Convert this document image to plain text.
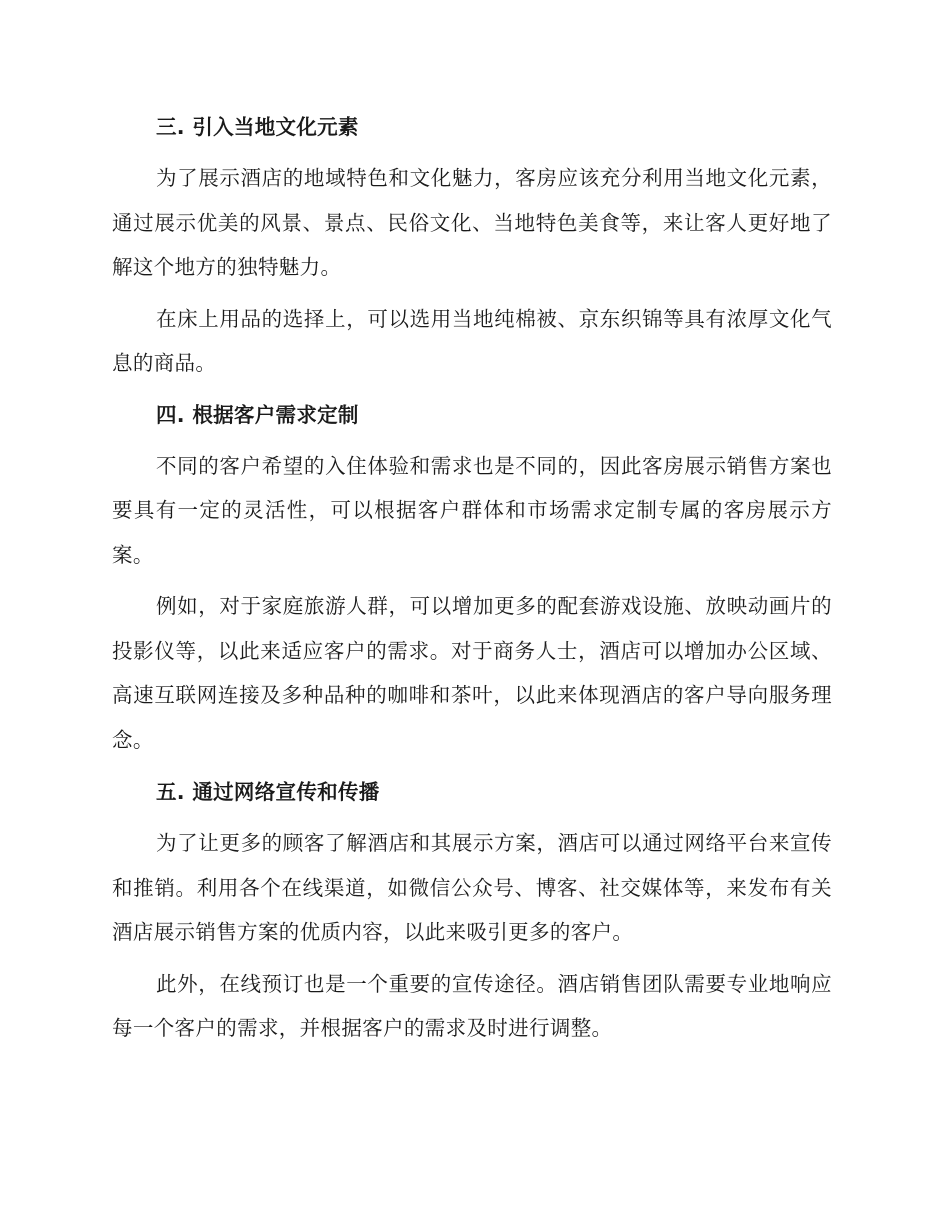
三. 引入当地文化元素

为了展示酒店的地域特色和文化魅力，客房应该充分利用当地文化元素，通过展示优美的风景、景点、民俗文化、当地特色美食等，来让客人更好地了解这个地方的独特魅力。

在床上用品的选择上，可以选用当地纯棉被、京东织锦等具有浓厚文化气息的商品。

四. 根据客户需求定制

不同的客户希望的入住体验和需求也是不同的，因此客房展示销售方案也要具有一定的灵活性，可以根据客户群体和市场需求定制专属的客房展示方案。

例如，对于家庭旅游人群，可以增加更多的配套游戏设施、放映动画片的投影仪等，以此来适应客户的需求。对于商务人士，酒店可以增加办公区域、高速互联网连接及多种品种的咖啡和茶叶，以此来体现酒店的客户导向服务理念。

五. 通过网络宣传和传播

为了让更多的顾客了解酒店和其展示方案，酒店可以通过网络平台来宣传和推销。利用各个在线渠道，如微信公众号、博客、社交媒体等，来发布有关酒店展示销售方案的优质内容，以此来吸引更多的客户。

此外，在线预订也是一个重要的宣传途径。酒店销售团队需要专业地响应每一个客户的需求，并根据客户的需求及时进行调整。
